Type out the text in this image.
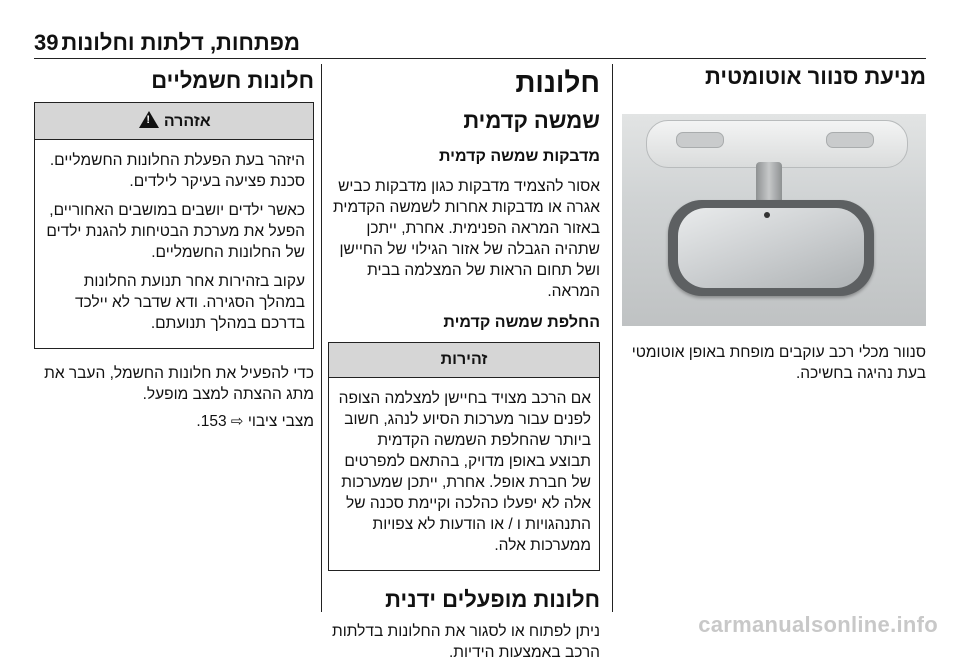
39 מפתחות, דלתות וחלונות
מניעת סנוור אוטומטית

סנוור מכלי רכב עוקבים מופחת באופן אוטומטי בעת נהיגה בחשיכה.

חלונות
שמשה קדמית
מדבקות שמשה קדמית

אסור להצמיד מדבקות כגון מדבקות כביש אגרה או מדבקות אחרות לשמשה הקדמית באזור המראה הפנימית. אחרת, ייתכן שתהיה הגבלה של אזור הגילוי של החיישן ושל תחום הראות של המצלמה בבית המראה.

החלפת שמשה קדמית
זהירות

אם הרכב מצויד בחיישן למצלמה הצופה לפנים עבור מערכות הסיוע לנהג, חשוב ביותר שהחלפת השמשה הקדמית תבוצע באופן מדויק, בהתאם למפרטים של חברת אופל. אחרת, ייתכן שמערכות אלה לא יפעלו כהלכה וקיימת סכנה של התנהגויות ו / או הודעות לא צפויות ממערכות אלה.

חלונות מופעלים ידנית

ניתן לפתוח או לסגור את החלונות בדלתות הרכב באמצעות הידיות.

חלונות חשמליים
אזהרה !

היזהר בעת הפעלת החלונות החשמליים. סכנת פציעה בעיקר לילדים.

כאשר ילדים יושבים במושבים האחוריים, הפעל את מערכת הבטיחות להגנת ילדים של החלונות החשמליים.

עקוב בזהירות אחר תנועת החלונות במהלך הסגירה. ודא שדבר לא יילכד בדרכם במהלך תנועתם.

כדי להפעיל את חלונות החשמל, העבר את מתג ההצתה למצב מופעל.

מצבי ציבוי ⇨ 153.

carmanualsonline.info
